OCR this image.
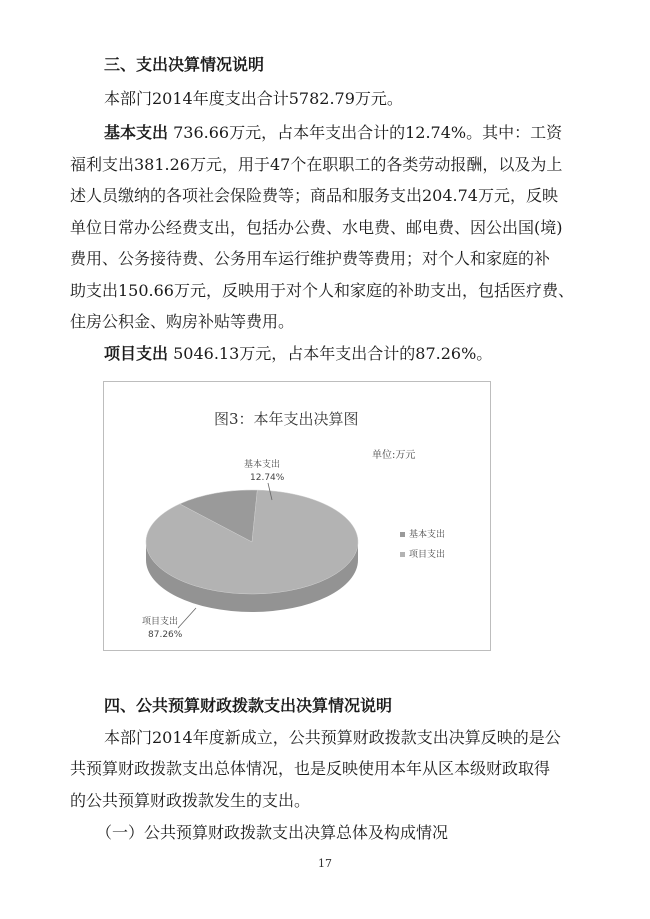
三、支出决算情况说明
本部门2014年度支出合计5782.79万元。
基本支出 736.66万元，占本年支出合计的12.74%。其中：工资
福利支出381.26万元，用于47个在职职工的各类劳动报酬，以及为上
述人员缴纳的各项社会保险费等；商品和服务支出204.74万元，反映
单位日常办公经费支出，包括办公费、水电费、邮电费、因公出国(境)
费用、公务接待费、公务用车运行维护费等费用；对个人和家庭的补
助支出150.66万元，反映用于对个人和家庭的补助支出，包括医疗费、
住房公积金、购房补贴等费用。
项目支出 5046.13万元，占本年支出合计的87.26%。
图3：本年支出决算图
单位:万元
基本支出
12.74%
项目支出
87.26%
基本支出
项目支出
四、公共预算财政拨款支出决算情况说明
本部门2014年度新成立，公共预算财政拨款支出决算反映的是公
共预算财政拨款支出总体情况，也是反映使用本年从区本级财政取得
的公共预算财政拨款发生的支出。
（一）公共预算财政拨款支出决算总体及构成情况
17
